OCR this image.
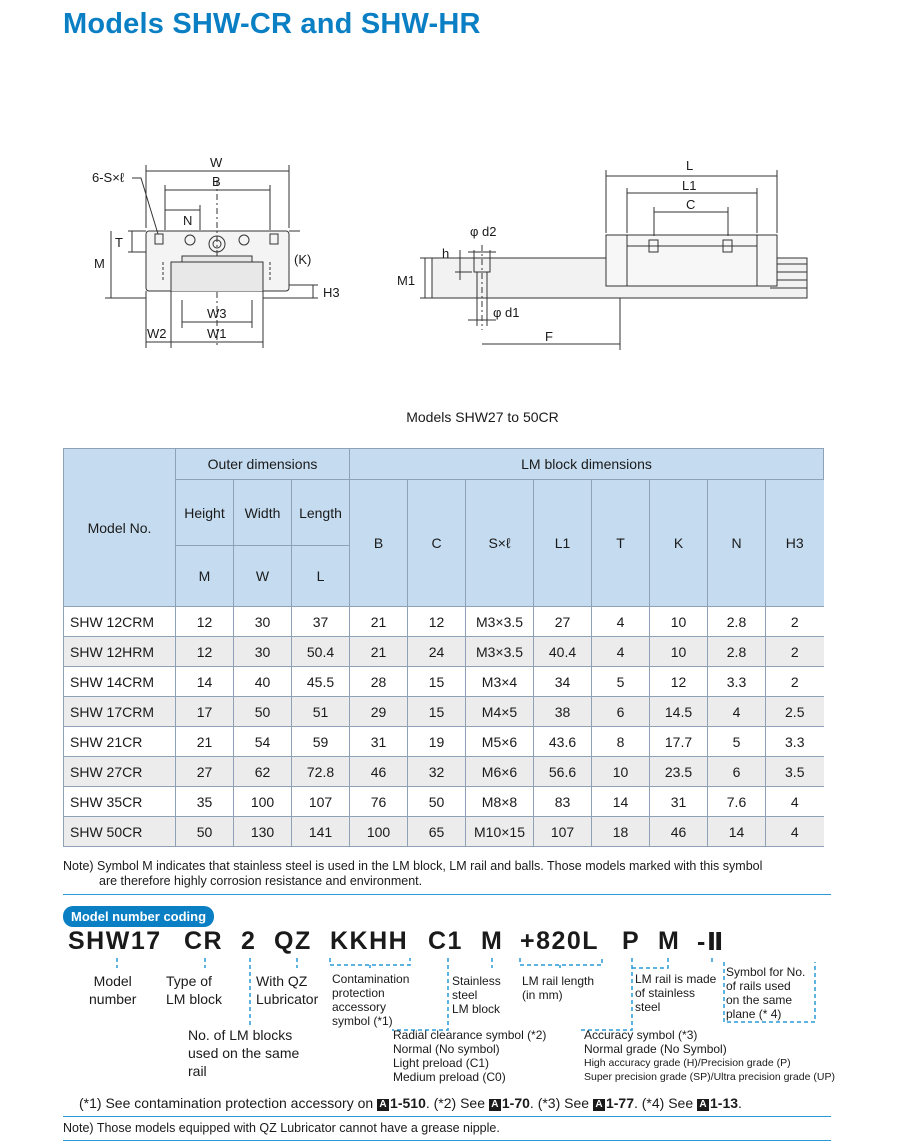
Models SHW-CR and SHW-HR
6-S×ℓ
W
B
N
T
M	(K)
H3
W3
W1
W2
φ d2
h
M1
φ d1
F
L
L1
C
Models SHW27 to 50CR
Model No.	Outer dimensions			LM block dimensions							
	Height	Width	Length	B	C	S×ℓ	L1	T	K	N	H3
	M	W	L								
SHW 12CRM	12	30	37	21	12	M3×3.5	27	4	10	2.8	2
SHW 12HRM	12	30	50.4	21	24	M3×3.5	40.4	4	10	2.8	2
SHW 14CRM	14	40	45.5	28	15	M3×4	34	5	12	3.3	2
SHW 17CRM	17	50	51	29	15	M4×5	38	6	14.5	4	2.5
SHW 21CR	21	54	59	31	19	M5×6	43.6	8	17.7	5	3.3
SHW 27CR	27	62	72.8	46	32	M6×6	56.6	10	23.5	6	3.5
SHW 35CR	35	100	107	76	50	M8×8	83	14	31	7.6	4
SHW 50CR	50	130	141	100	65	M10×15	107	18	46	14	4
Note) Symbol M indicates that stainless steel is used in the LM block, LM rail and balls. Those models marked with this symbol
are therefore highly corrosion resistance and environment.
Model number coding
SHW17 CR 2 QZ KKHH C1 M +820L P M -Ⅱ
Model
number
Type of
LM block
With QZ
Lubricator
Contamination
protection
accessory
symbol (*1)
Stainless
steel
LM block
LM rail length
(in mm)
LM rail is made
of stainless
steel
Symbol for No.
of rails used
on the same
plane (* 4)
No. of LM blocks
used on the same
rail
Radial clearance symbol (*2)
Normal (No symbol)
Light preload (C1)
Medium preload (C0)
Accuracy symbol (*3)
Normal grade (No Symbol)
High accuracy grade (H)/Precision grade (P)
Super precision grade (SP)/Ultra precision grade (UP)
(*1) See contamination protection accessory on A 1-510. (*2) See A 1-70. (*3) See A 1-77. (*4) See A 1-13.
Note) Those models equipped with QZ Lubricator cannot have a grease nipple.
